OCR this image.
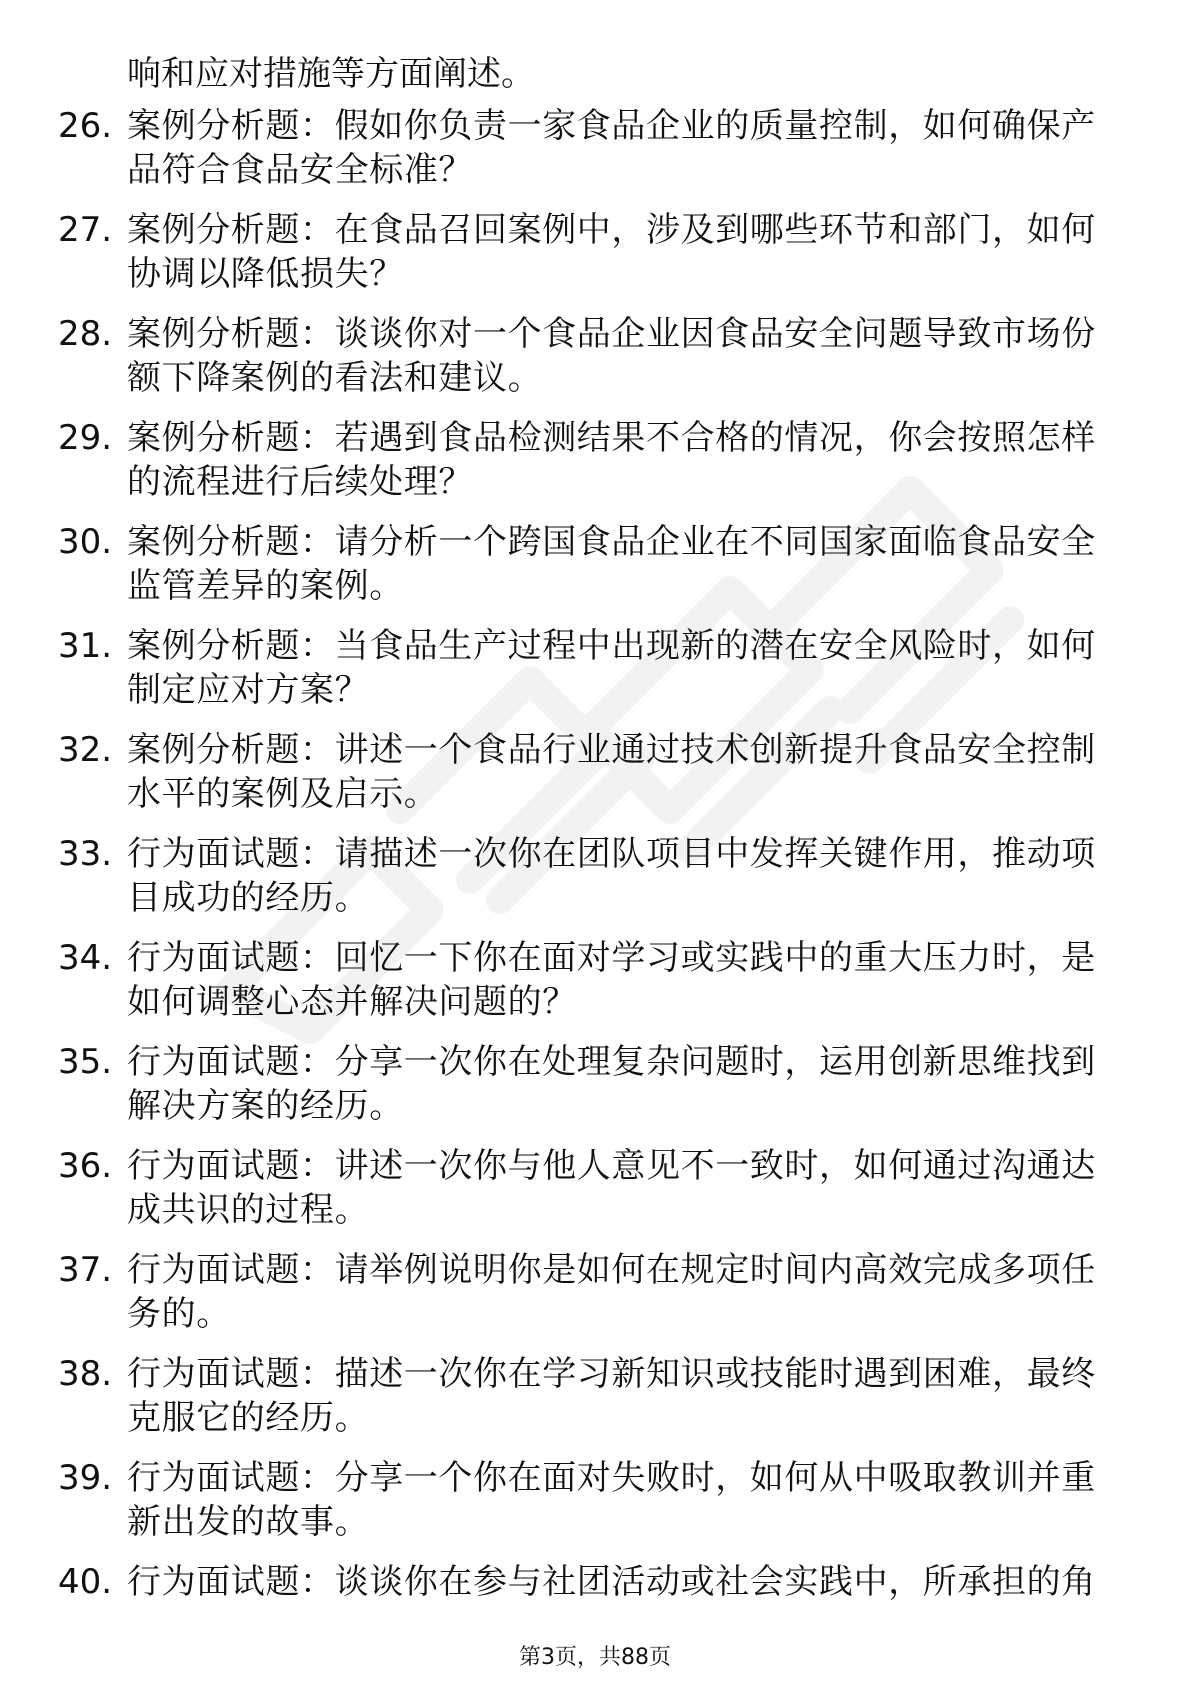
响和应对措施等方面阐述。
26. 案例分析题：假如你负责一家食品企业的质量控制，如何确保产品符合食品安全标准？
27. 案例分析题：在食品召回案例中，涉及到哪些环节和部门，如何协调以降低损失？
28. 案例分析题：谈谈你对一个食品企业因食品安全问题导致市场份额下降案例的看法和建议。
29. 案例分析题：若遇到食品检测结果不合格的情况，你会按照怎样的流程进行后续处理？
30. 案例分析题：请分析一个跨国食品企业在不同国家面临食品安全监管差异的案例。
31. 案例分析题：当食品生产过程中出现新的潜在安全风险时，如何制定应对方案？
32. 案例分析题：讲述一个食品行业通过技术创新提升食品安全控制水平的案例及启示。
33. 行为面试题：请描述一次你在团队项目中发挥关键作用，推动项目成功的经历。
34. 行为面试题：回忆一下你在面对学习或实践中的重大压力时，是如何调整心态并解决问题的？
35. 行为面试题：分享一次你在处理复杂问题时，运用创新思维找到解决方案的经历。
36. 行为面试题：讲述一次你与他人意见不一致时，如何通过沟通达成共识的过程。
37. 行为面试题：请举例说明你是如何在规定时间内高效完成多项任务的。
38. 行为面试题：描述一次你在学习新知识或技能时遇到困难，最终克服它的经历。
39. 行为面试题：分享一个你在面对失败时，如何从中吸取教训并重新出发的故事。
40. 行为面试题：谈谈你在参与社团活动或社会实践中，所承担的角
第3页，共88页
